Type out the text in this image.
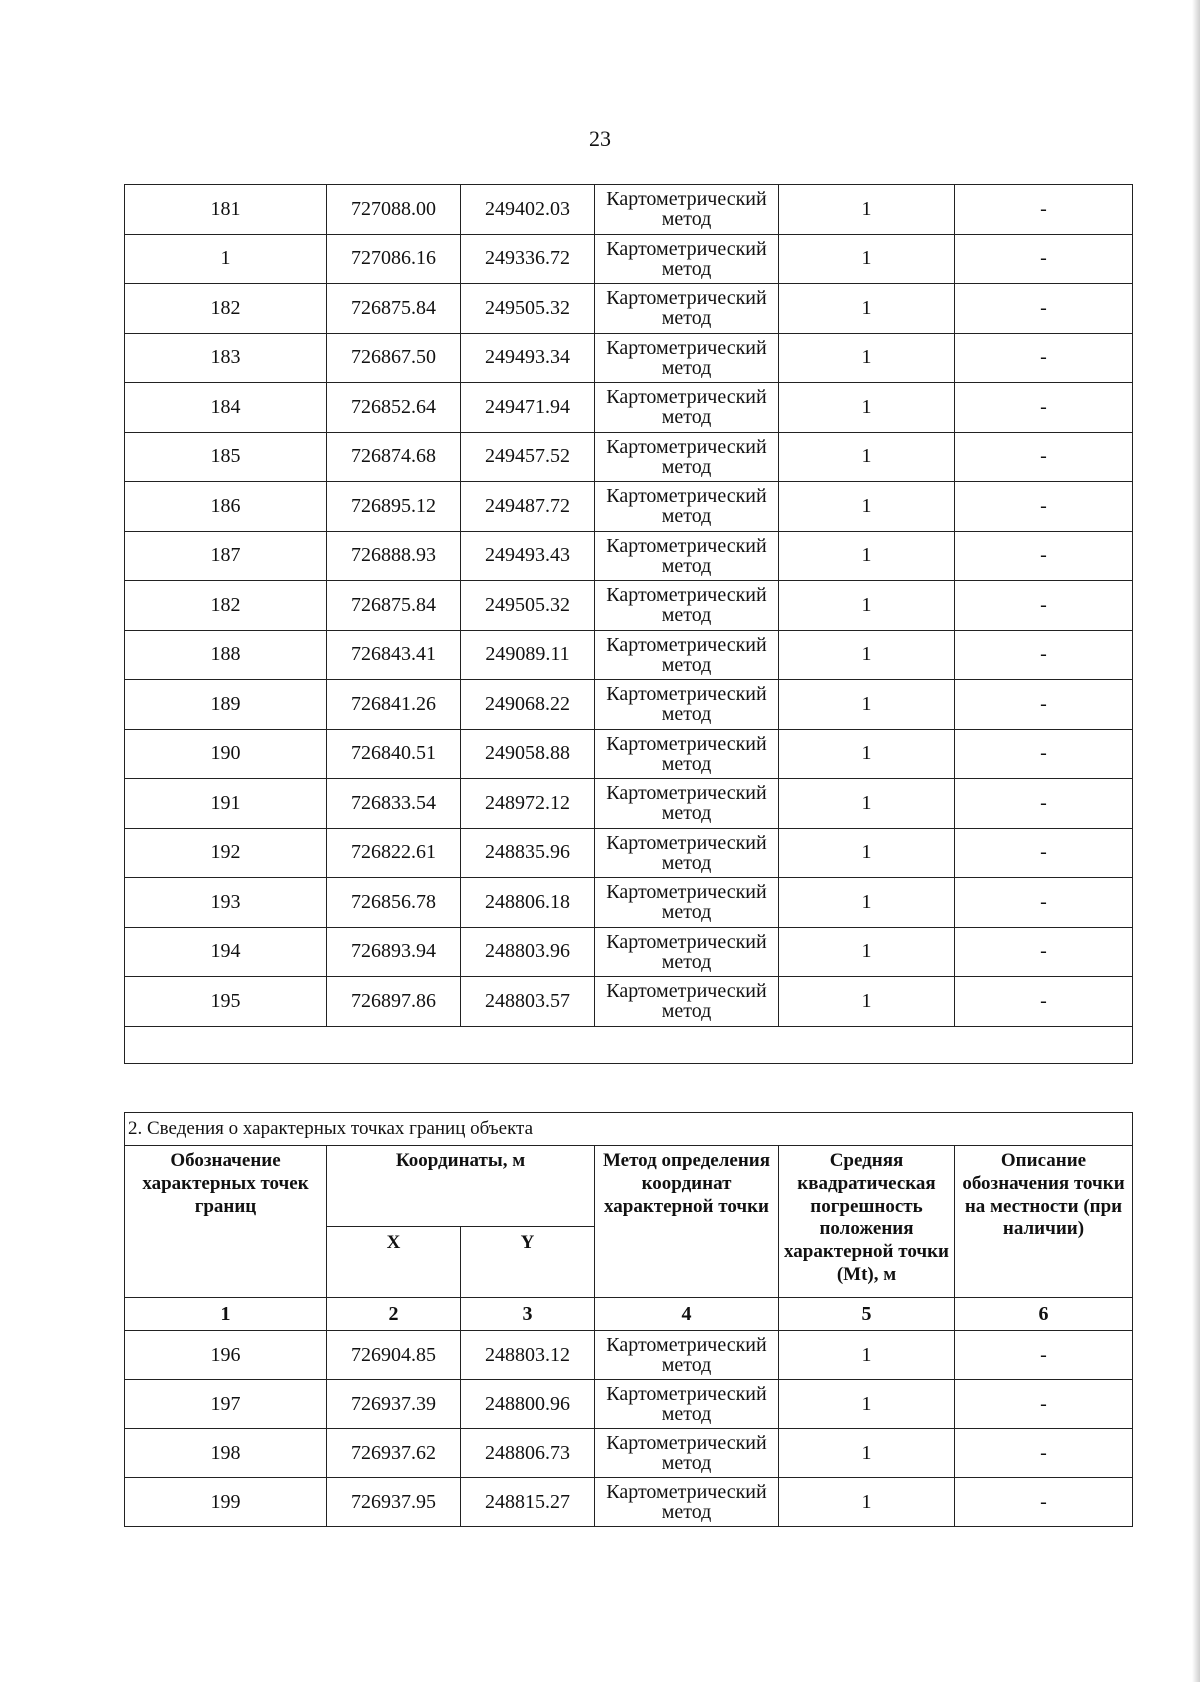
23
181	727088.00	249402.03	Картометрический метод	1	-
1	727086.16	249336.72	Картометрический метод	1	-
182	726875.84	249505.32	Картометрический метод	1	-
183	726867.50	249493.34	Картометрический метод	1	-
184	726852.64	249471.94	Картометрический метод	1	-
185	726874.68	249457.52	Картометрический метод	1	-
186	726895.12	249487.72	Картометрический метод	1	-
187	726888.93	249493.43	Картометрический метод	1	-
182	726875.84	249505.32	Картометрический метод	1	-
188	726843.41	249089.11	Картометрический метод	1	-
189	726841.26	249068.22	Картометрический метод	1	-
190	726840.51	249058.88	Картометрический метод	1	-
191	726833.54	248972.12	Картометрический метод	1	-
192	726822.61	248835.96	Картометрический метод	1	-
193	726856.78	248806.18	Картометрический метод	1	-
194	726893.94	248803.96	Картометрический метод	1	-
195	726897.86	248803.57	Картометрический метод	1	-

2. Сведения о характерных точках границ объекта					
Обозначение характерных точек границ	Координаты, м		Метод определения координат характерной точки	Средняя квадратическая погрешность положения характерной точки (Mt), м	Описание обозначения точки на местности (при наличии)
	X	Y			
1	2	3	4	5	6
196	726904.85	248803.12	Картометрический метод	1	-
197	726937.39	248800.96	Картометрический метод	1	-
198	726937.62	248806.73	Картометрический метод	1	-
199	726937.95	248815.27	Картометрический метод	1	-
